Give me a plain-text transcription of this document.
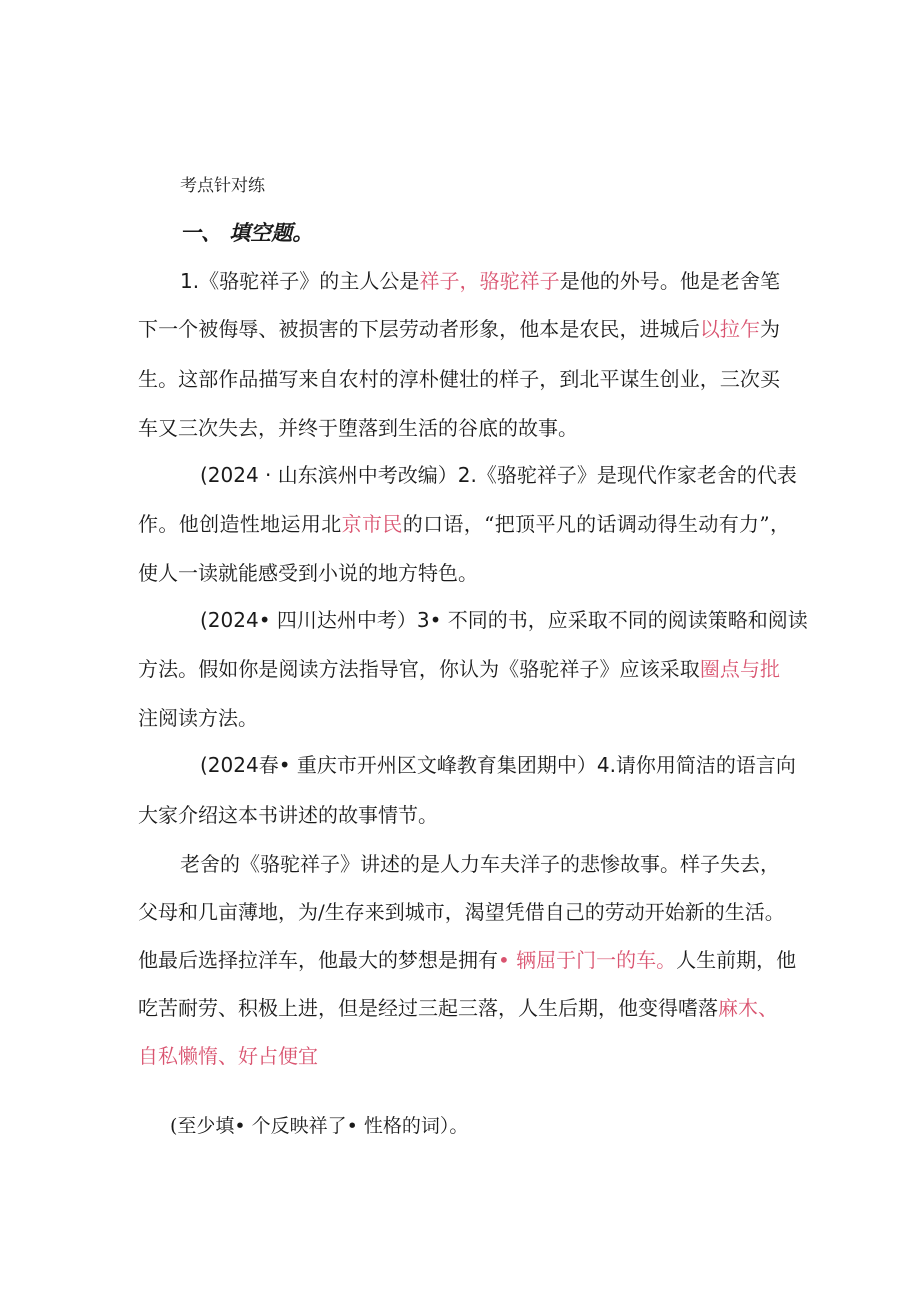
考点针对练
一、 填空题。
1.《骆驼祥子》的主人公是祥子，骆驼祥子是他的外号。他是老舍笔
下一个被侮辱、被损害的下层劳动者形象，他本是农民，进城后以拉乍为
生。这部作品描写来自农村的淳朴健壮的样子，到北平谋生创业，三次买
车又三次失去，并终于堕落到生活的谷底的故事。
(2024 · 山东滨州中考改编）2.《骆驼祥子》是现代作家老舍的代表
作。他创造性地运用北京市民的口语，“把顶平凡的话调动得生动有力”，
使人一读就能感受到小说的地方特色。
(2024• 四川达州中考）3• 不同的书，应采取不同的阅读策略和阅读
方法。假如你是阅读方法指导官，你认为《骆驼祥子》应该采取圈点与批
注阅读方法。
(2024春• 重庆市开州区文峰教育集团期中）4.请你用简洁的语言向
大家介绍这本书讲述的故事情节。
老舍的《骆驼祥子》讲述的是人力车夫洋子的悲惨故事。样子失去，
父母和几亩薄地，为/生存来到城市，渴望凭借自己的劳动开始新的生活。
他最后选择拉洋车，他最大的梦想是拥有• 辆屈于门一的车。人生前期，他
吃苦耐劳、积极上进，但是经过三起三落，人生后期，他变得嗜落麻木、
自私懒惰、好占便宜
(至少填• 个反映祥了• 性格的词）。
